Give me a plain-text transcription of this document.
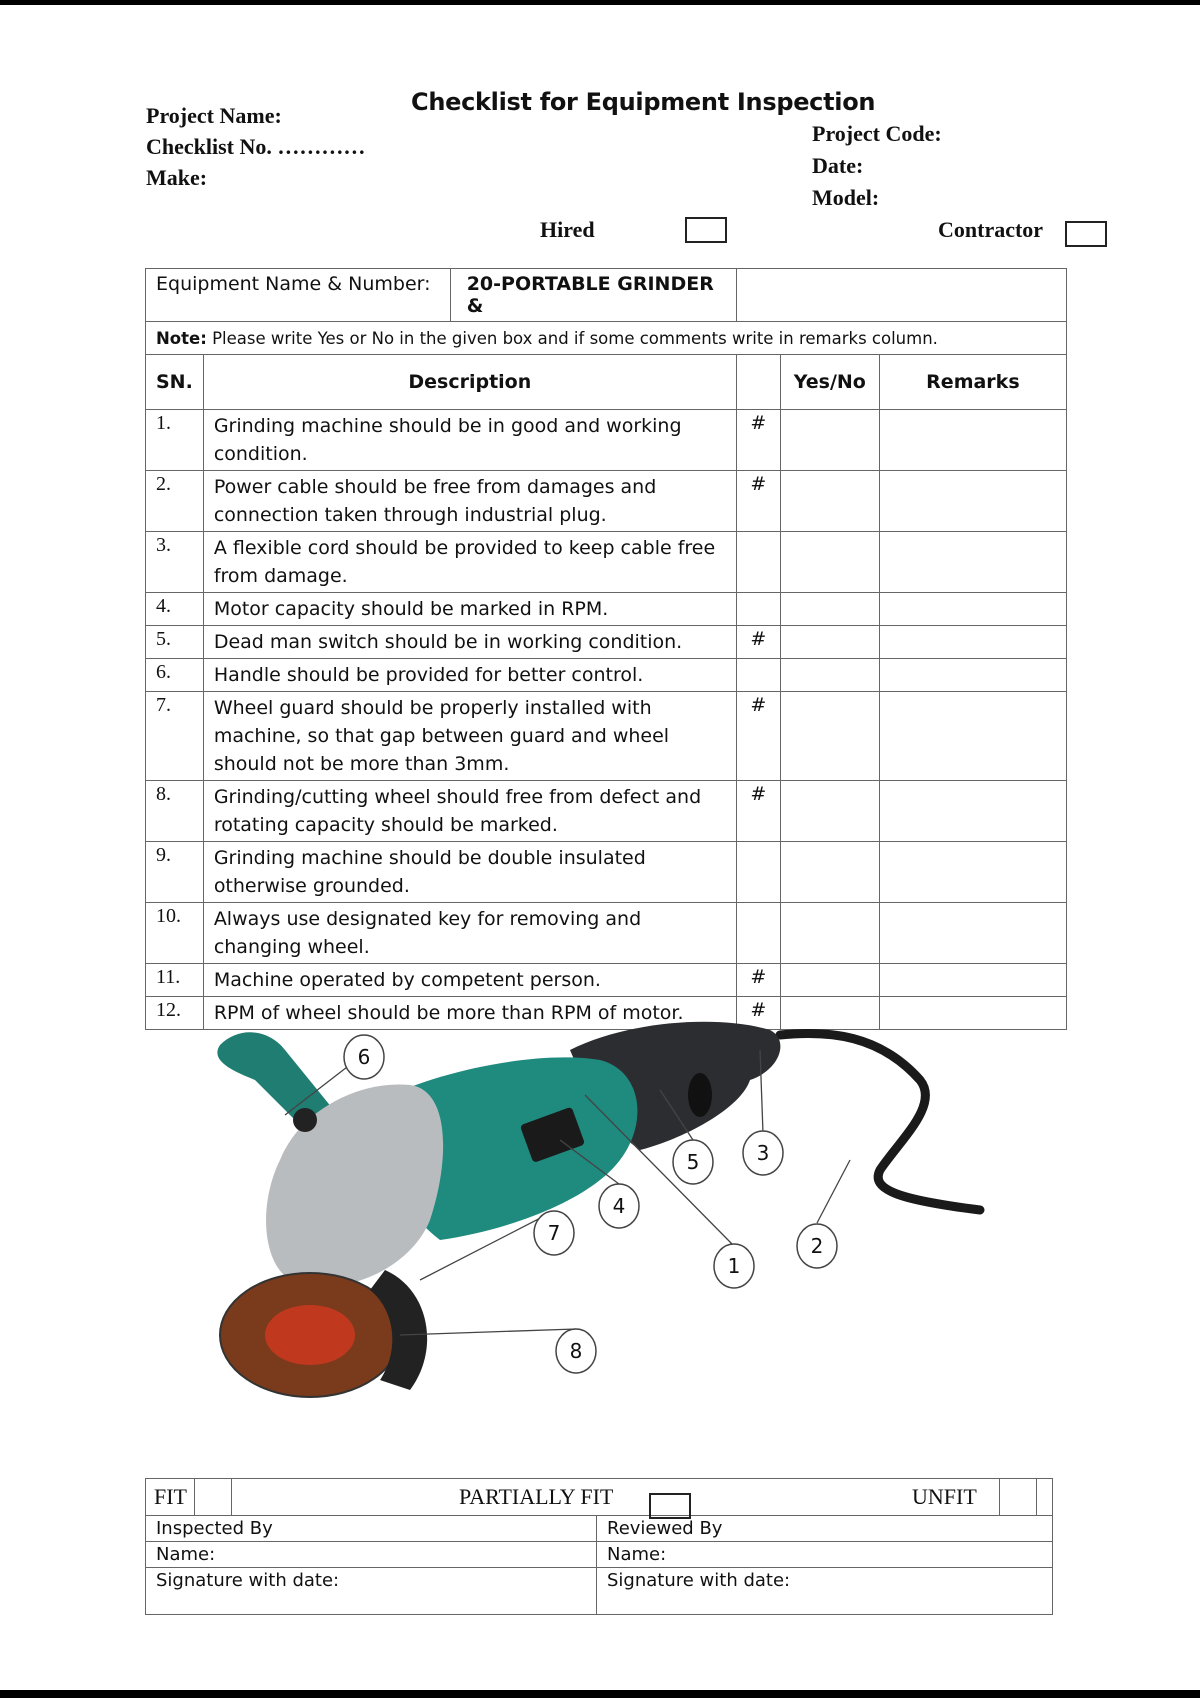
Checklist for Equipment Inspection
Project Name:
Checklist No. …………
Make:
Project Code:
Date:
Model:
Hired	Contractor
Equipment Name & Number: 20-PORTABLE GRINDER &				

Note: Please write Yes or No in the given box and if some comments write in remarks column.				
SN.	Description		Yes/No	Remarks
1.	Grinding machine should be in good and working condition.	#		
2.	Power cable should be free from damages and connection taken through industrial plug.	#		
3.	A flexible cord should be provided to keep cable free from damage.			
4.	Motor capacity should be marked in RPM.			
5.	Dead man switch should be in working condition.	#		
6.	Handle should be provided for better control.			
7.	Wheel guard should be properly installed with machine, so that gap between guard and wheel should not be more than 3mm.	#		
8.	Grinding/cutting wheel should free from defect and rotating capacity should be marked.	#		
9.	Grinding machine should be double insulated otherwise grounded.			
10.	Always use designated key for removing and changing wheel.			
11.	Machine operated by competent person.	#		
12.	RPM of wheel should be more than RPM of motor.	#		
1
2
3
4
5
6
7
8
FIT PARTIALLY FIT UNFIT	

Inspected By	Reviewed By
Name:	Name:
Signature with date:	Signature with date:
